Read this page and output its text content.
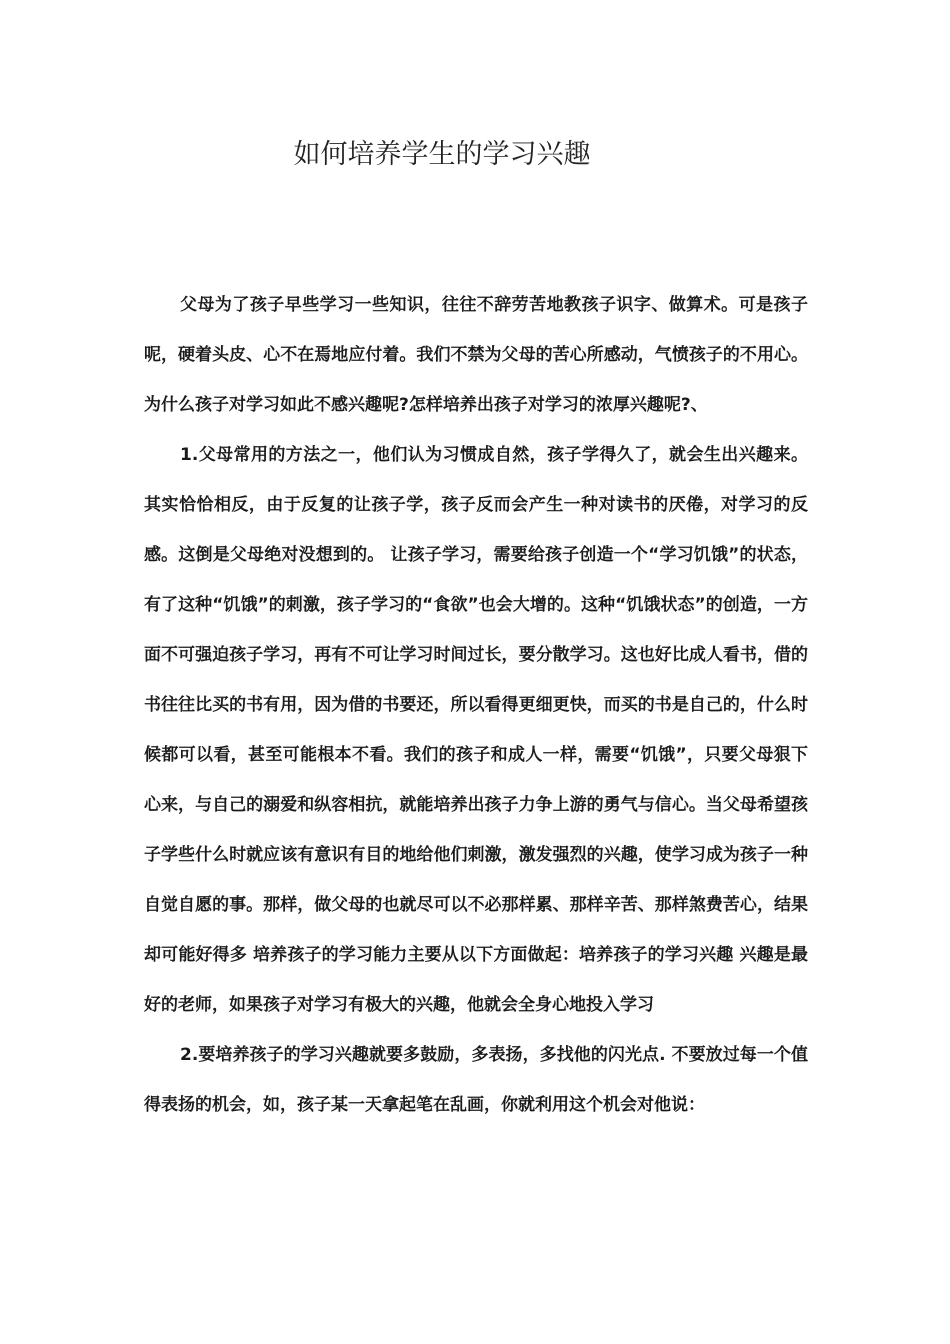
如何培养学生的学习兴趣

父母为了孩子早些学习一些知识，往往不辞劳苦地教孩子识字、做算术。可是孩子呢，硬着头皮、心不在焉地应付着。我们不禁为父母的苦心所感动，气愤孩子的不用心。为什么孩子对学习如此不感兴趣呢?怎样培养出孩子对学习的浓厚兴趣呢?、

1.父母常用的方法之一，他们认为习惯成自然，孩子学得久了，就会生出兴趣来。其实恰恰相反，由于反复的让孩子学，孩子反而会产生一种对读书的厌倦，对学习的反感。这倒是父母绝对没想到的。 让孩子学习，需要给孩子创造一个“学习饥饿”的状态，有了这种“饥饿”的刺激，孩子学习的“食欲”也会大增的。这种“饥饿状态”的创造，一方面不可强迫孩子学习，再有不可让学习时间过长，要分散学习。这也好比成人看书，借的书往往比买的书有用，因为借的书要还，所以看得更细更快，而买的书是自己的，什么时候都可以看，甚至可能根本不看。我们的孩子和成人一样，需要“饥饿”，只要父母狠下心来，与自己的溺爱和纵容相抗，就能培养出孩子力争上游的勇气与信心。当父母希望孩子学些什么时就应该有意识有目的地给他们刺激，激发强烈的兴趣，使学习成为孩子一种自觉自愿的事。那样，做父母的也就尽可以不必那样累、那样辛苦、那样煞费苦心，结果却可能好得多 培养孩子的学习能力主要从以下方面做起：培养孩子的学习兴趣 兴趣是最好的老师，如果孩子对学习有极大的兴趣，他就会全身心地投入学习

2.要培养孩子的学习兴趣就要多鼓励，多表扬，多找他的闪光点. 不要放过每一个值得表扬的机会，如，孩子某一天拿起笔在乱画，你就利用这个机会对他说：
